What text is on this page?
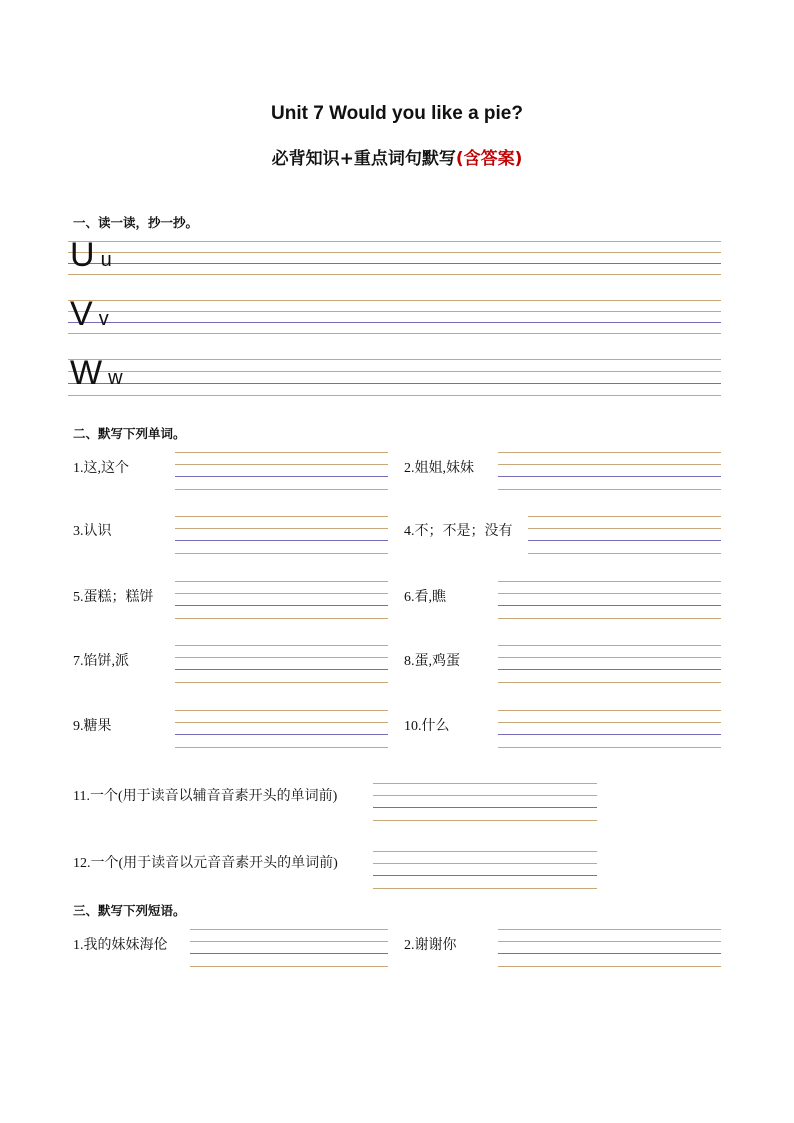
Unit 7 Would you like a pie?
必背知识+重点词句默写(含答案)
一、读一读，抄一抄。
Uu
Vv
Ww
二、默写下列单词。
1.这,这个	2.姐姐,妹妹
3.认识	4.不；不是；没有
5.蛋糕；糕饼	6.看,瞧
7.馅饼,派	8.蛋,鸡蛋
9.糖果	10.什么
11.一个(用于读音以辅音音素开头的单词前)
12.一个(用于读音以元音音素开头的单词前)
三、默写下列短语。
1.我的妹妹海伦	2.谢谢你
